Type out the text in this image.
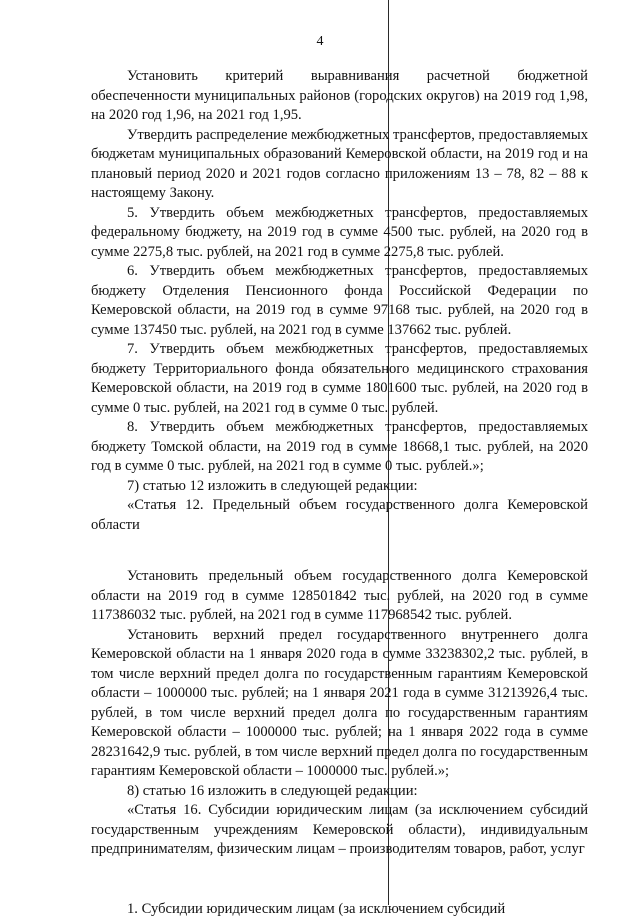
4

Установить критерий выравнивания расчетной бюджетной обеспеченности муниципальных районов (городских округов) на 2019 год 1,98, на 2020 год 1,96, на 2021 год 1,95.

Утвердить распределение межбюджетных трансфертов, предоставляемых бюджетам муниципальных образований Кемеровской области, на 2019 год и на плановый период 2020 и 2021 годов согласно приложениям 13 – 78, 82 – 88 к настоящему Закону.

5. Утвердить объем межбюджетных трансфертов, предоставляемых федеральному бюджету, на 2019 год в сумме 4500 тыс. рублей, на 2020 год в сумме 2275,8 тыс. рублей, на 2021 год в сумме 2275,8 тыс. рублей.

6. Утвердить объем межбюджетных трансфертов, предоставляемых бюджету Отделения Пенсионного фонда Российской Федерации по Кемеровской области, на 2019 год в сумме 97168 тыс. рублей, на 2020 год в сумме 137450 тыс. рублей, на 2021 год в сумме 137662 тыс. рублей.

7. Утвердить объем межбюджетных трансфертов, предоставляемых бюджету Территориального фонда обязательного медицинского страхования Кемеровской области, на 2019 год в сумме 1801600 тыс. рублей, на 2020 год в сумме 0 тыс. рублей, на 2021 год в сумме 0 тыс. рублей.

8. Утвердить объем межбюджетных трансфертов, предоставляемых бюджету Томской области, на 2019 год в сумме 18668,1 тыс. рублей, на 2020 год в сумме 0 тыс. рублей, на 2021 год в сумме 0 тыс. рублей.»;

7) статью 12 изложить в следующей редакции:

«Статья 12. Предельный объем государственного долга Кемеровской области

Установить предельный объем государственного долга Кемеровской области на 2019 год в сумме 128501842 тыс. рублей, на 2020 год в сумме 117386032 тыс. рублей, на 2021 год в сумме 117968542 тыс. рублей.

Установить верхний предел государственного внутреннего долга Кемеровской области на 1 января 2020 года в сумме 33238302,2 тыс. рублей, в том числе верхний предел долга по государственным гарантиям Кемеровской области – 1000000 тыс. рублей; на 1 января 2021 года в сумме 31213926,4 тыс. рублей, в том числе верхний предел долга по государственным гарантиям Кемеровской области – 1000000 тыс. рублей; на 1 января 2022 года в сумме 28231642,9 тыс. рублей, в том числе верхний предел долга по государственным гарантиям Кемеровской области – 1000000 тыс. рублей.»;

8) статью 16 изложить в следующей редакции:

«Статья 16. Субсидии юридическим лицам (за исключением субсидий государственным учреждениям Кемеровской области), индивидуальным предпринимателям, физическим лицам – производителям товаров, работ, услуг

1. Субсидии юридическим лицам (за исключением субсидий
